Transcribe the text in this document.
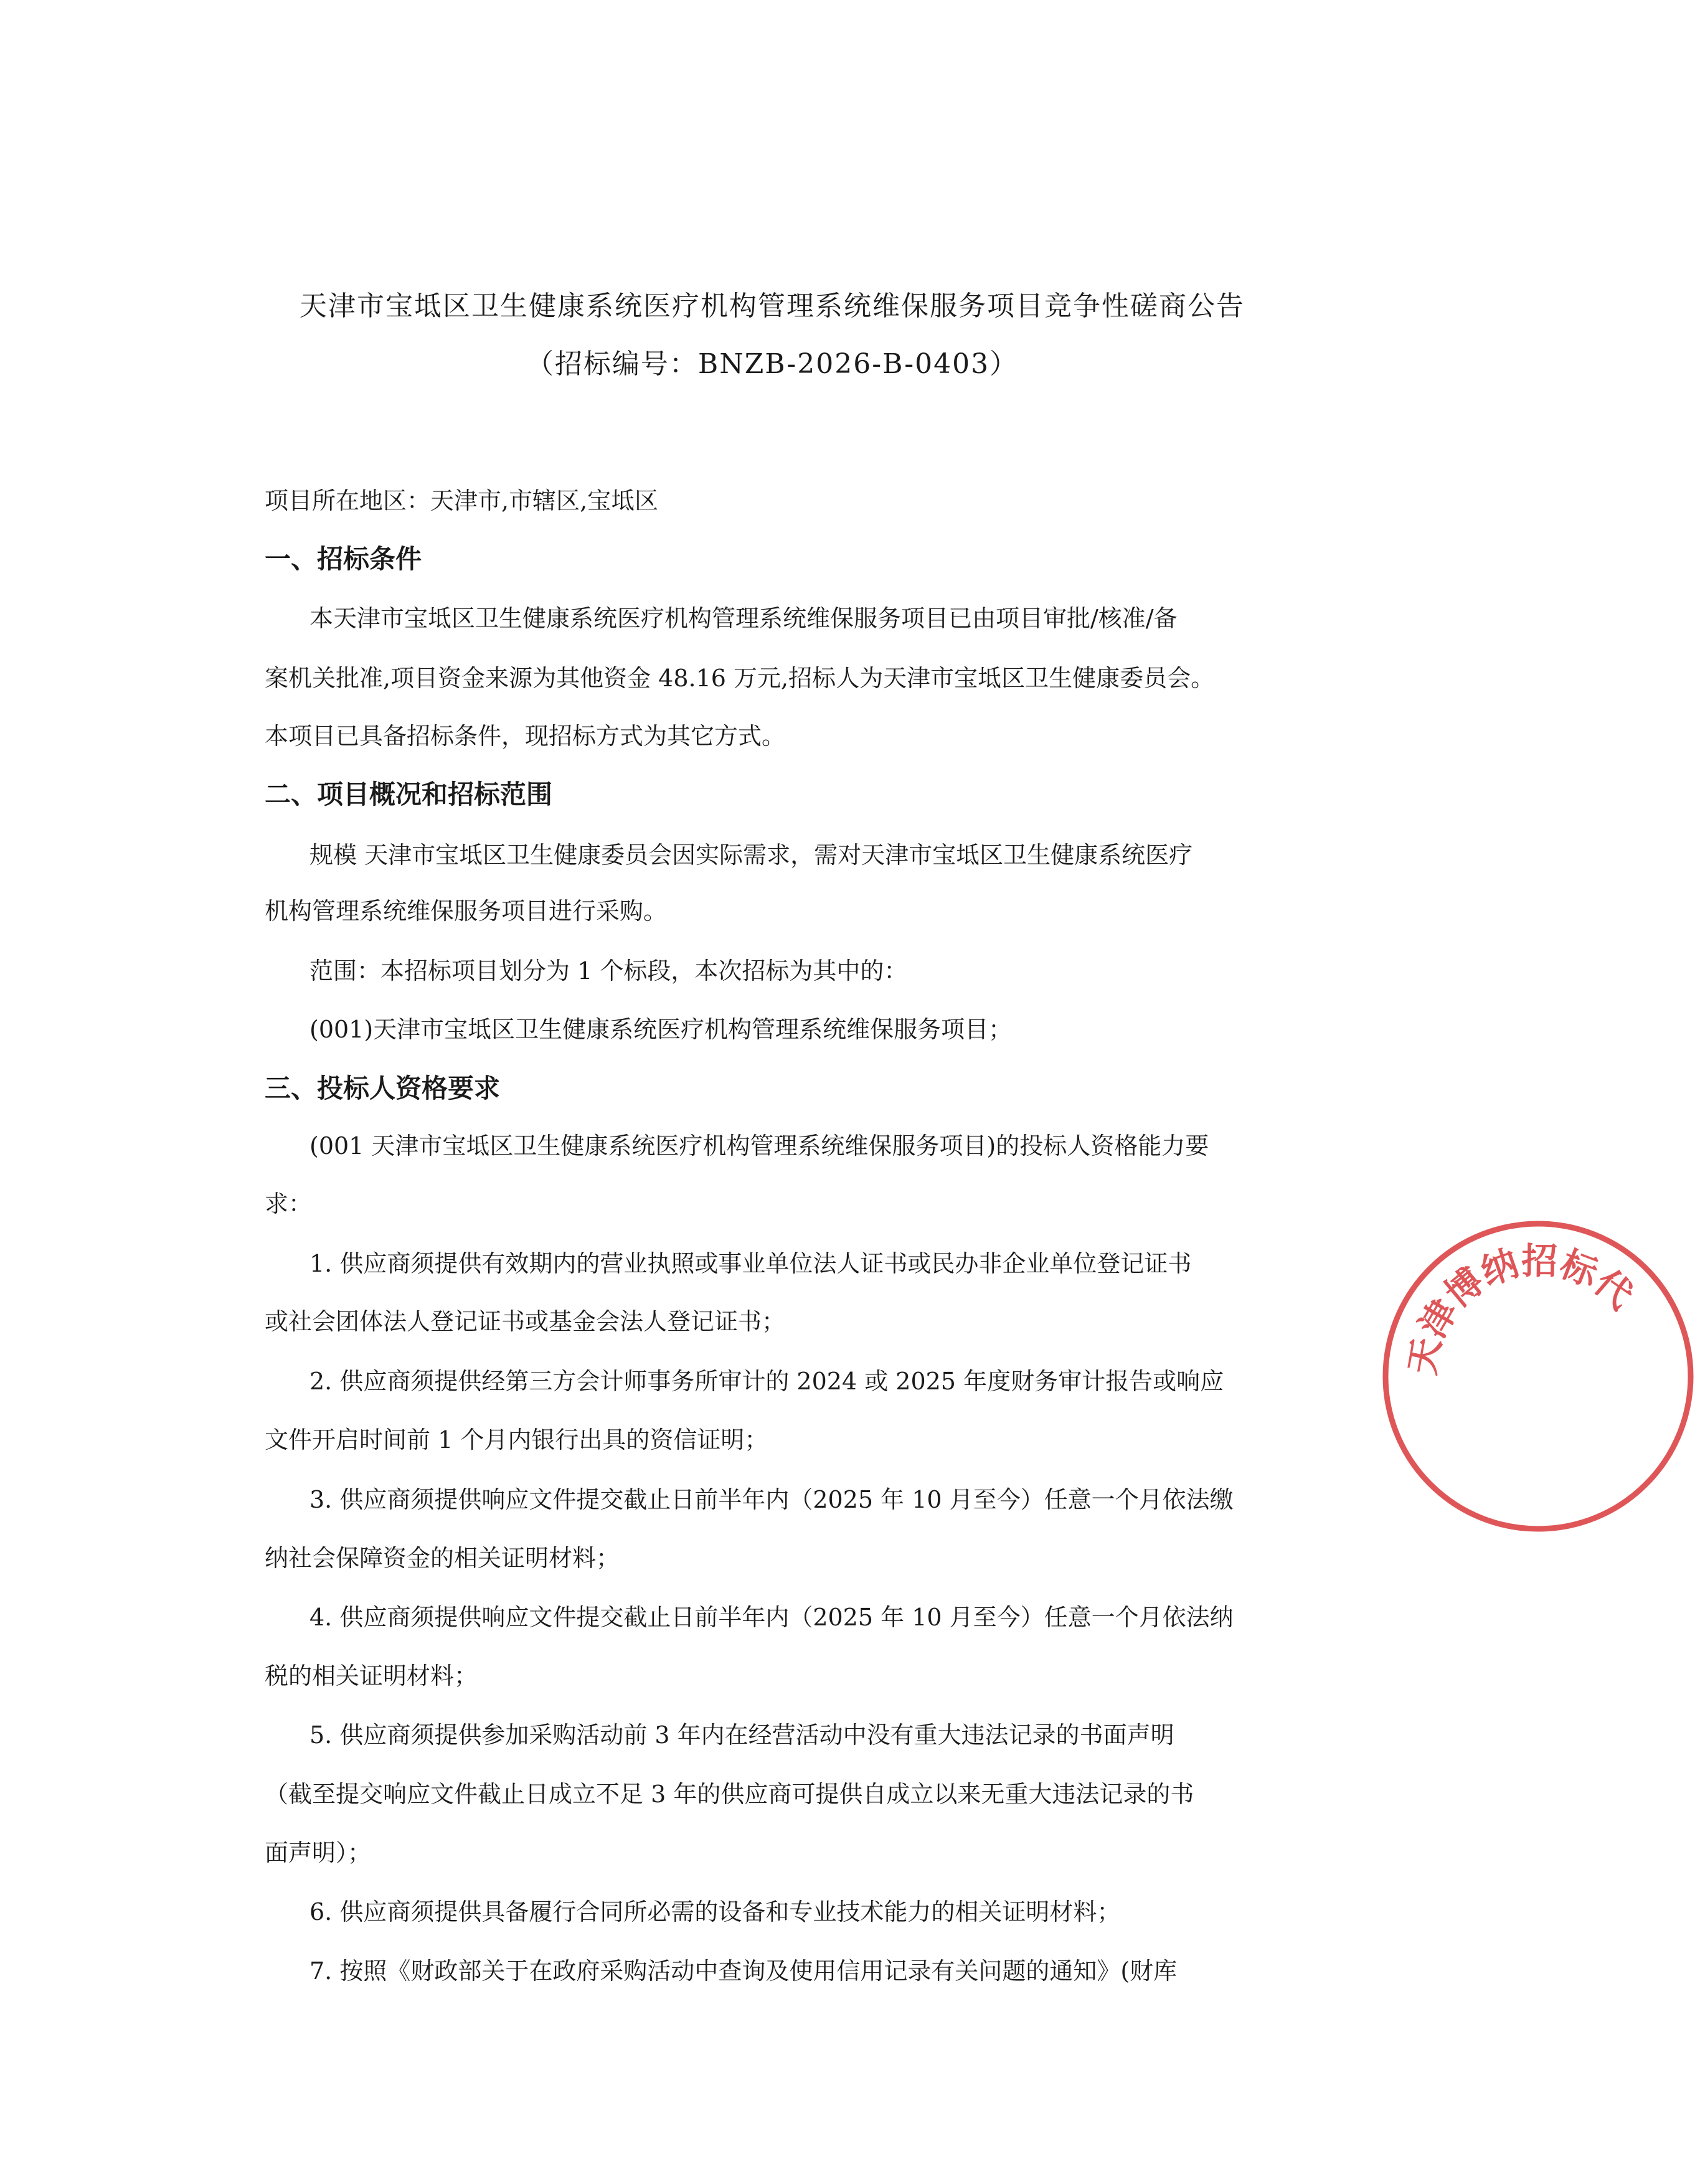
天津市宝坻区卫生健康系统医疗机构管理系统维保服务项目竞争性磋商公告
（招标编号：BNZB-2026-B-0403）
项目所在地区：天津市,市辖区,宝坻区
一、招标条件
本天津市宝坻区卫生健康系统医疗机构管理系统维保服务项目已由项目审批/核准/备
案机关批准,项目资金来源为其他资金 48.16 万元,招标人为天津市宝坻区卫生健康委员会。
本项目已具备招标条件，现招标方式为其它方式。
二、项目概况和招标范围
规模 天津市宝坻区卫生健康委员会因实际需求，需对天津市宝坻区卫生健康系统医疗
机构管理系统维保服务项目进行采购。
范围：本招标项目划分为 1 个标段，本次招标为其中的：
(001)天津市宝坻区卫生健康系统医疗机构管理系统维保服务项目；
三、投标人资格要求
(001 天津市宝坻区卫生健康系统医疗机构管理系统维保服务项目)的投标人资格能力要
求：
1. 供应商须提供有效期内的营业执照或事业单位法人证书或民办非企业单位登记证书
或社会团体法人登记证书或基金会法人登记证书；
2. 供应商须提供经第三方会计师事务所审计的 2024 或 2025 年度财务审计报告或响应
文件开启时间前 1 个月内银行出具的资信证明；
3. 供应商须提供响应文件提交截止日前半年内（2025 年 10 月至今）任意一个月依法缴
纳社会保障资金的相关证明材料；
4. 供应商须提供响应文件提交截止日前半年内（2025 年 10 月至今）任意一个月依法纳
税的相关证明材料；
5. 供应商须提供参加采购活动前 3 年内在经营活动中没有重大违法记录的书面声明
（截至提交响应文件截止日成立不足 3 年的供应商可提供自成立以来无重大违法记录的书
面声明）；
6. 供应商须提供具备履行合同所必需的设备和专业技术能力的相关证明材料；
7. 按照《财政部关于在政府采购活动中查询及使用信用记录有关问题的通知》(财库
天津博纳招标代
